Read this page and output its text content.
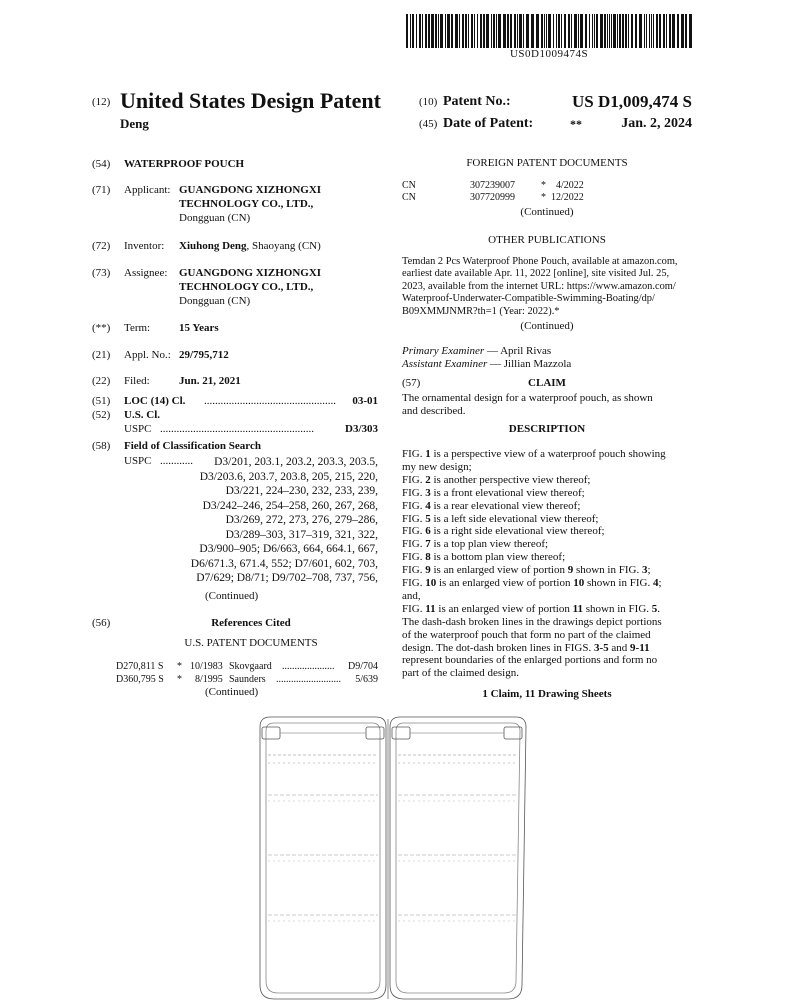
US0D1009474S
(12) United States Design Patent
Deng
(10) Patent No.:	US D1,009,474 S
(45) Date of Patent:	**	Jan. 2, 2024
(54) WATERPROOF POUCH
(71) Applicant: GUANGDONG XIZHONGXI
TECHNOLOGY CO., LTD.,
Dongguan (CN)
(72) Inventor: Xiuhong Deng, Shaoyang (CN)
(73) Assignee: GUANGDONG XIZHONGXI
TECHNOLOGY CO., LTD.,
Dongguan (CN)
(**) Term:	15 Years
(21) Appl. No.: 29/795,712
(22) Filed:	Jun. 21, 2021
(51) LOC (14) Cl. ................................................	03-01
(52) U.S. Cl.
USPC ........................................................	D3/303
(58) Field of Classification Search
USPC ............	D3/201, 203.1, 203.2, 203.3, 203.5,
D3/203.6, 203.7, 203.8, 205, 215, 220,
D3/221, 224–230, 232, 233, 239,
D3/242–246, 254–258, 260, 267, 268,
D3/269, 272, 273, 276, 279–286,
D3/289–303, 317–319, 321, 322,
D3/900–905; D6/663, 664, 664.1, 667,
D6/671.3, 671.4, 552; D7/601, 602, 703,
D7/629; D8/71; D9/702–708, 737, 756,
(Continued)
(56)	References Cited
U.S. PATENT DOCUMENTS
D270,811 S * 10/1983 Skovgaard ..................... D9/704
D360,795 S * 8/1995 Saunders .......................... 5/639
(Continued)
FOREIGN PATENT DOCUMENTS
CN	307239007	* 4/2022
CN	307720999	* 12/2022
(Continued)
OTHER PUBLICATIONS
Temdan 2 Pcs Waterproof Phone Pouch, available at amazon.com,
earliest date available Apr. 11, 2022 [online], site visited Jul. 25,
2023, available from the internet URL: https://www.amazon.com/
Waterproof-Underwater-Compatible-Swimming-Boating/dp/
B09XMMJNMR?th=1 (Year: 2022).*
(Continued)
Primary Examiner — April Rivas
Assistant Examiner — Jillian Mazzola
(57)	CLAIM
The ornamental design for a waterproof pouch, as shown
and described.
DESCRIPTION
FIG. 1 is a perspective view of a waterproof pouch showing
my new design;
FIG. 2 is another perspective view thereof;
FIG. 3 is a front elevational view thereof;
FIG. 4 is a rear elevational view thereof;
FIG. 5 is a left side elevational view thereof;
FIG. 6 is a right side elevational view thereof;
FIG. 7 is a top plan view thereof;
FIG. 8 is a bottom plan view thereof;
FIG. 9 is an enlarged view of portion 9 shown in FIG. 3;
FIG. 10 is an enlarged view of portion 10 shown in FIG. 4;
and,
FIG. 11 is an enlarged view of portion 11 shown in FIG. 5.
The dash-dash broken lines in the drawings depict portions
of the waterproof pouch that form no part of the claimed
design. The dot-dash broken lines in FIGS. 3-5 and 9-11
represent boundaries of the enlarged portions and form no
part of the claimed design.
1 Claim, 11 Drawing Sheets
